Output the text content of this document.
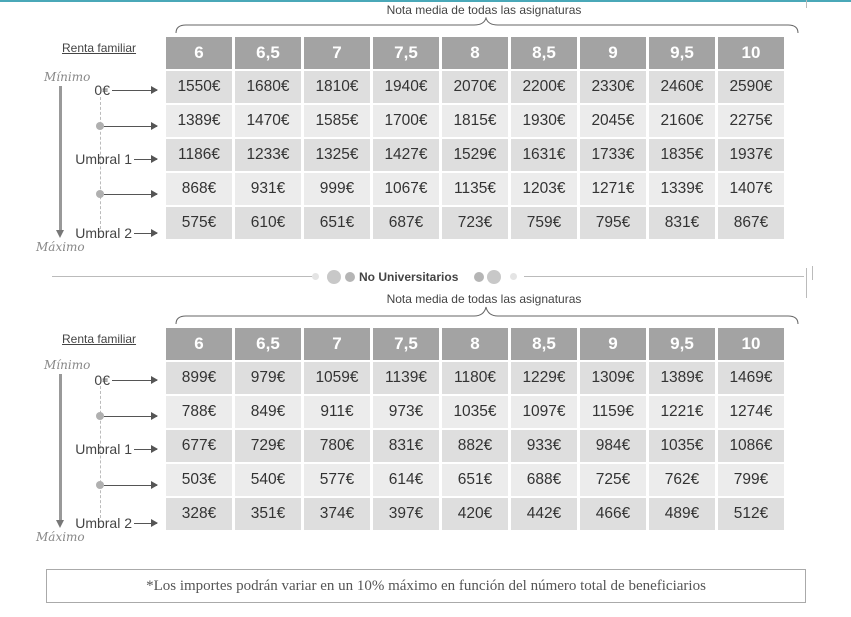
Nota media de todas las asignaturas
Renta familiar
Mínimo
Máximo
0€
Umbral 1
Umbral 2
6	6,5	7	7,5	8	8,5	9	9,5	10
1550€	1680€	1810€	1940€	2070€	2200€	2330€	2460€	2590€
1389€	1470€	1585€	1700€	1815€	1930€	2045€	2160€	2275€
1186€	1233€	1325€	1427€	1529€	1631€	1733€	1835€	1937€
868€	931€	999€	1067€	1135€	1203€	1271€	1339€	1407€
575€	610€	651€	687€	723€	759€	795€	831€	867€
No Universitarios
Nota media de todas las asignaturas
Renta familiar
Mínimo
Máximo
0€
Umbral 1
Umbral 2
6	6,5	7	7,5	8	8,5	9	9,5	10
899€	979€	1059€	1139€	1180€	1229€	1309€	1389€	1469€
788€	849€	911€	973€	1035€	1097€	1159€	1221€	1274€
677€	729€	780€	831€	882€	933€	984€	1035€	1086€
503€	540€	577€	614€	651€	688€	725€	762€	799€
328€	351€	374€	397€	420€	442€	466€	489€	512€
*Los importes podrán variar en un 10% máximo en función del número total de beneficiarios
